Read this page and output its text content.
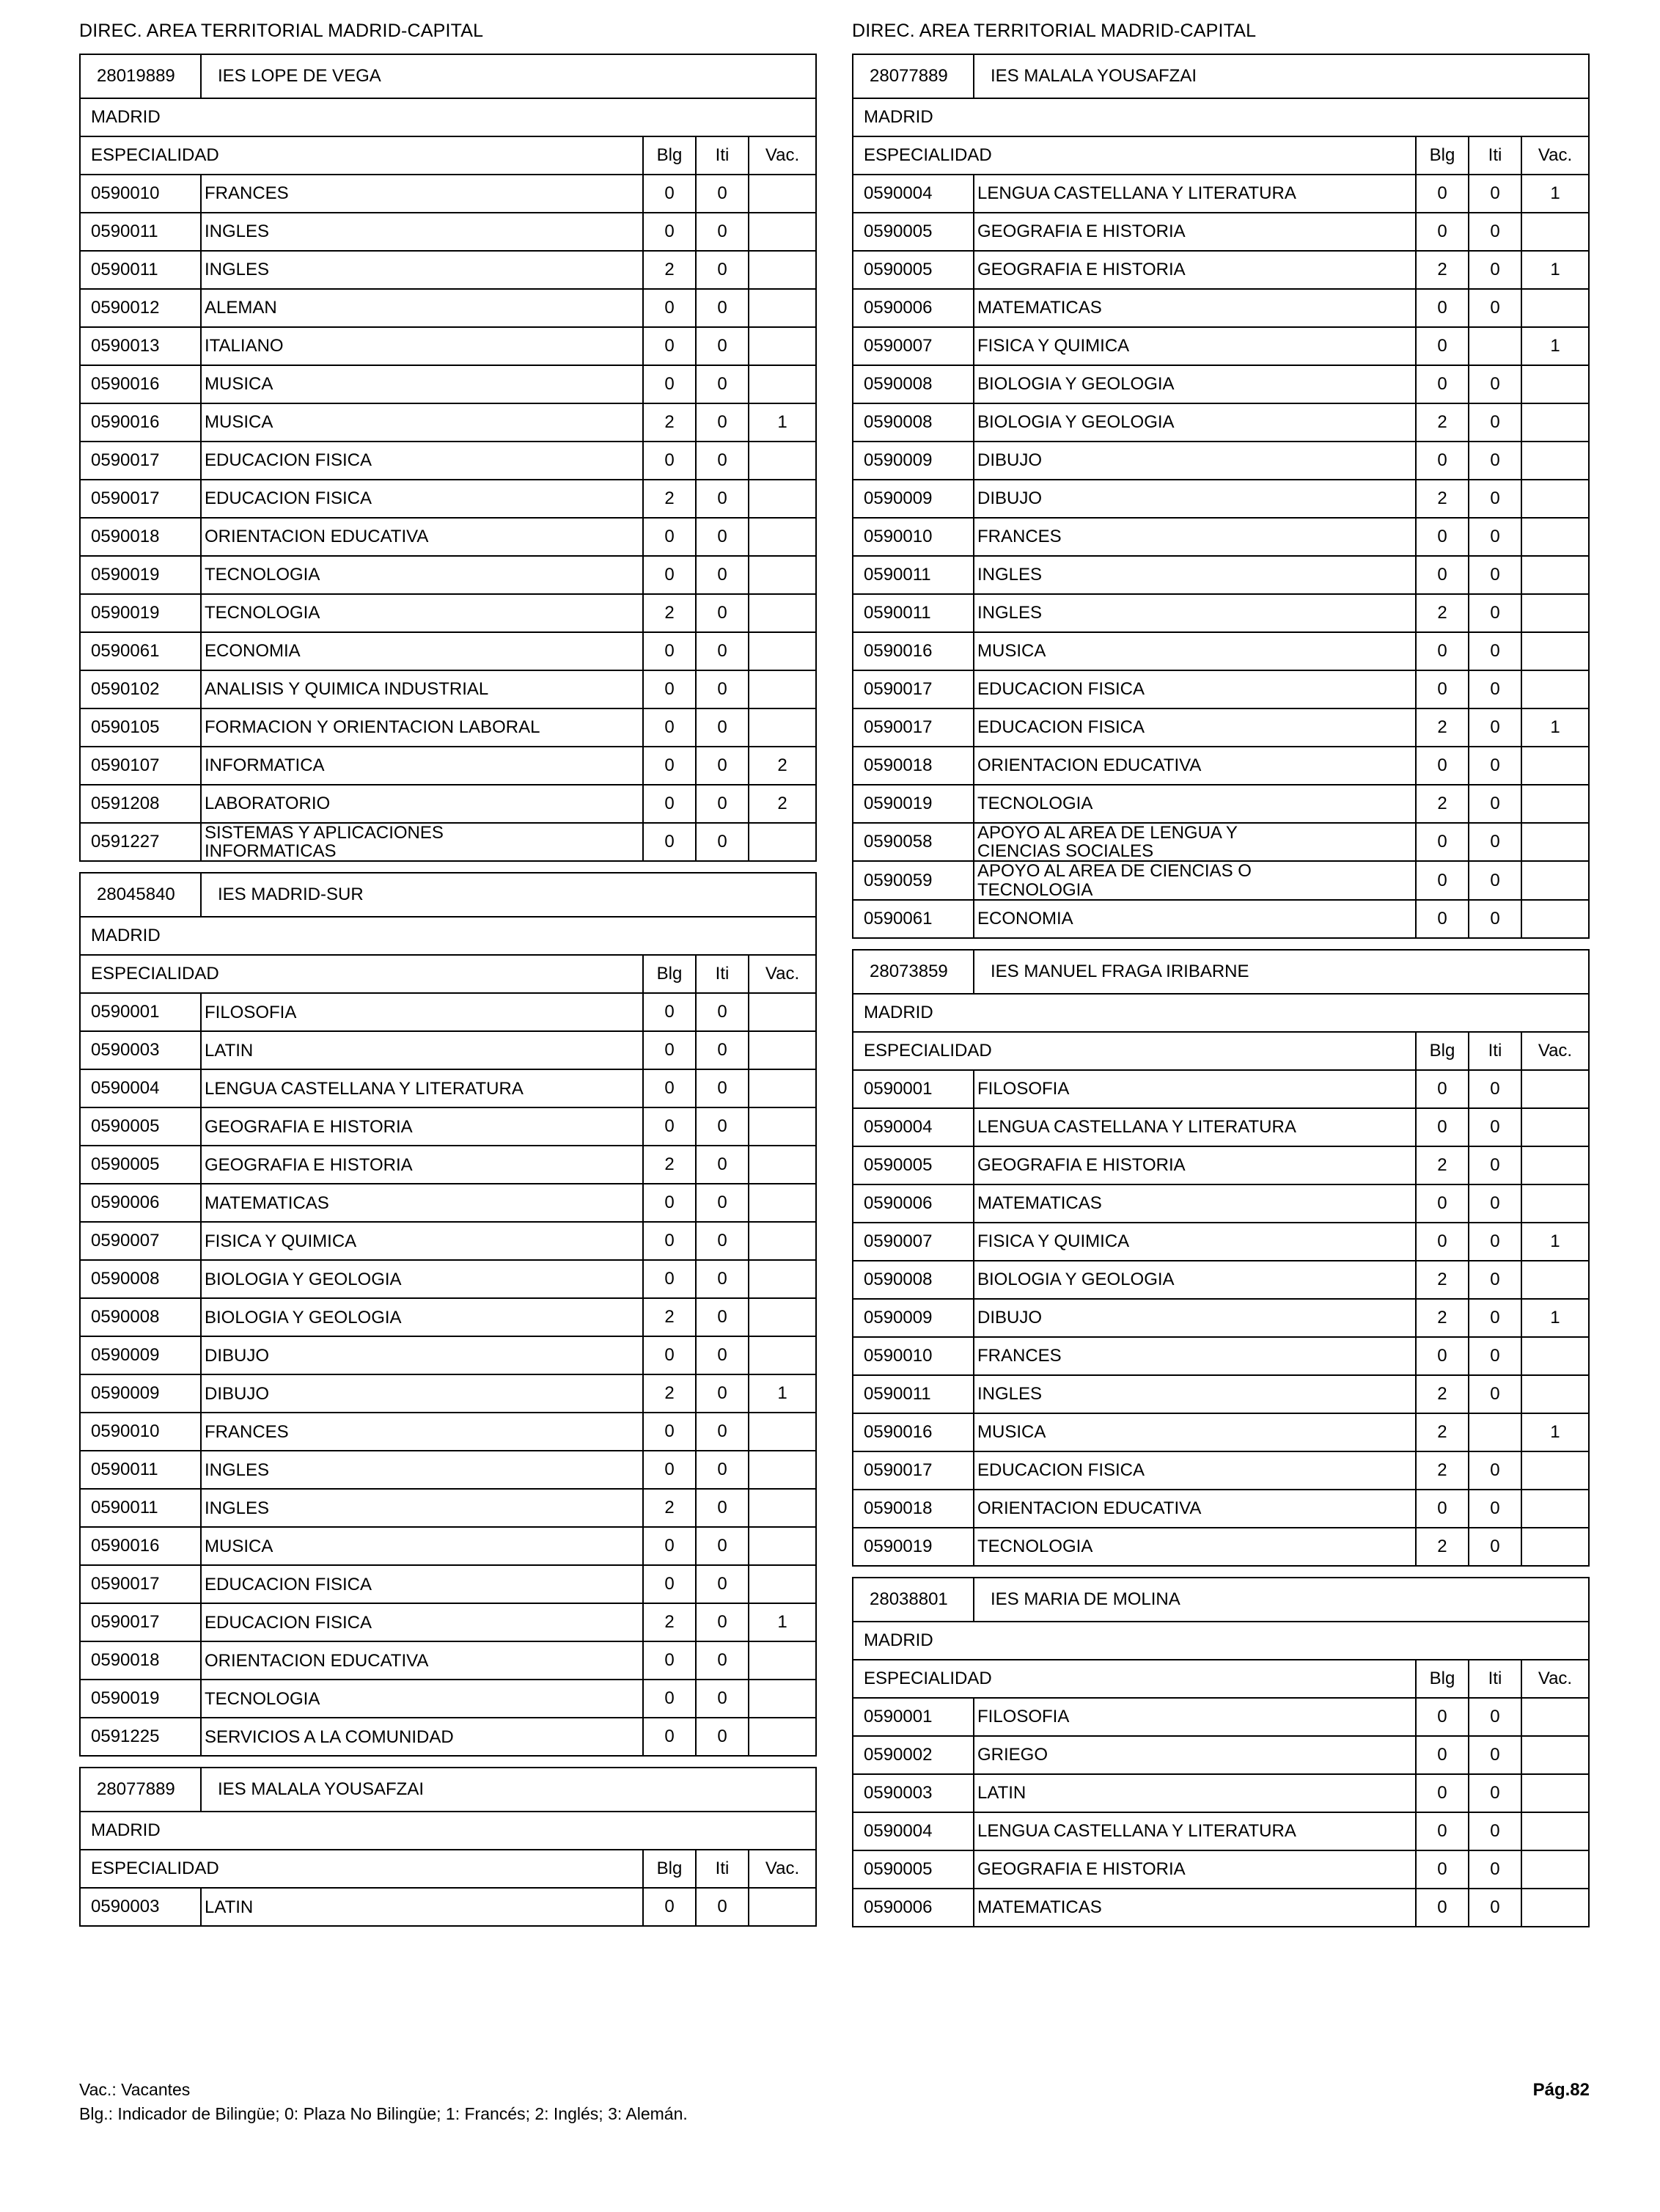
DIREC. AREA TERRITORIAL MADRID-CAPITAL
28019889	IES LOPE DE VEGA			
MADRID				
ESPECIALIDAD		Blg	Iti	Vac.
0590010	FRANCES	0	0	
0590011	INGLES	0	0	
0590011	INGLES	2	0	
0590012	ALEMAN	0	0	
0590013	ITALIANO	0	0	
0590016	MUSICA	0	0	
0590016	MUSICA	2	0	1
0590017	EDUCACION FISICA	0	0	
0590017	EDUCACION FISICA	2	0	
0590018	ORIENTACION EDUCATIVA	0	0	
0590019	TECNOLOGIA	0	0	
0590019	TECNOLOGIA	2	0	
0590061	ECONOMIA	0	0	
0590102	ANALISIS Y QUIMICA INDUSTRIAL	0	0	
0590105	FORMACION Y ORIENTACION LABORAL	0	0	
0590107	INFORMATICA	0	0	2
0591208	LABORATORIO	0	0	2
0591227	SISTEMAS Y APLICACIONES
INFORMATICAS	0	0	
28045840	IES MADRID-SUR			
MADRID				
ESPECIALIDAD		Blg	Iti	Vac.
0590001	FILOSOFIA	0	0	
0590003	LATIN	0	0	
0590004	LENGUA CASTELLANA Y LITERATURA	0	0	
0590005	GEOGRAFIA E HISTORIA	0	0	
0590005	GEOGRAFIA E HISTORIA	2	0	
0590006	MATEMATICAS	0	0	
0590007	FISICA Y QUIMICA	0	0	
0590008	BIOLOGIA Y GEOLOGIA	0	0	
0590008	BIOLOGIA Y GEOLOGIA	2	0	
0590009	DIBUJO	0	0	
0590009	DIBUJO	2	0	1
0590010	FRANCES	0	0	
0590011	INGLES	0	0	
0590011	INGLES	2	0	
0590016	MUSICA	0	0	
0590017	EDUCACION FISICA	0	0	
0590017	EDUCACION FISICA	2	0	1
0590018	ORIENTACION EDUCATIVA	0	0	
0590019	TECNOLOGIA	0	0	
0591225	SERVICIOS A LA COMUNIDAD	0	0	
28077889	IES MALALA YOUSAFZAI			
MADRID				
ESPECIALIDAD		Blg	Iti	Vac.
0590003	LATIN	0	0	
DIREC. AREA TERRITORIAL MADRID-CAPITAL
28077889	IES MALALA YOUSAFZAI			
MADRID				
ESPECIALIDAD		Blg	Iti	Vac.
0590004	LENGUA CASTELLANA Y LITERATURA	0	0	1
0590005	GEOGRAFIA E HISTORIA	0	0	
0590005	GEOGRAFIA E HISTORIA	2	0	1
0590006	MATEMATICAS	0	0	
0590007	FISICA Y QUIMICA	0		1
0590008	BIOLOGIA Y GEOLOGIA	0	0	
0590008	BIOLOGIA Y GEOLOGIA	2	0	
0590009	DIBUJO	0	0	
0590009	DIBUJO	2	0	
0590010	FRANCES	0	0	
0590011	INGLES	0	0	
0590011	INGLES	2	0	
0590016	MUSICA	0	0	
0590017	EDUCACION FISICA	0	0	
0590017	EDUCACION FISICA	2	0	1
0590018	ORIENTACION EDUCATIVA	0	0	
0590019	TECNOLOGIA	2	0	
0590058	APOYO AL AREA DE LENGUA Y
CIENCIAS SOCIALES	0	0	
0590059	APOYO AL AREA DE CIENCIAS O
TECNOLOGIA	0	0	
0590061	ECONOMIA	0	0	
28073859	IES MANUEL FRAGA IRIBARNE			
MADRID				
ESPECIALIDAD		Blg	Iti	Vac.
0590001	FILOSOFIA	0	0	
0590004	LENGUA CASTELLANA Y LITERATURA	0	0	
0590005	GEOGRAFIA E HISTORIA	2	0	
0590006	MATEMATICAS	0	0	
0590007	FISICA Y QUIMICA	0	0	1
0590008	BIOLOGIA Y GEOLOGIA	2	0	
0590009	DIBUJO	2	0	1
0590010	FRANCES	0	0	
0590011	INGLES	2	0	
0590016	MUSICA	2		1
0590017	EDUCACION FISICA	2	0	
0590018	ORIENTACION EDUCATIVA	0	0	
0590019	TECNOLOGIA	2	0	
28038801	IES MARIA DE MOLINA			
MADRID				
ESPECIALIDAD		Blg	Iti	Vac.
0590001	FILOSOFIA	0	0	
0590002	GRIEGO	0	0	
0590003	LATIN	0	0	
0590004	LENGUA CASTELLANA Y LITERATURA	0	0	
0590005	GEOGRAFIA E HISTORIA	0	0	
0590006	MATEMATICAS	0	0	
Vac.: Vacantes
Blg.: Indicador de Bilingüe; 0: Plaza No Bilingüe; 1: Francés; 2: Inglés; 3: Alemán.
Pág.82
